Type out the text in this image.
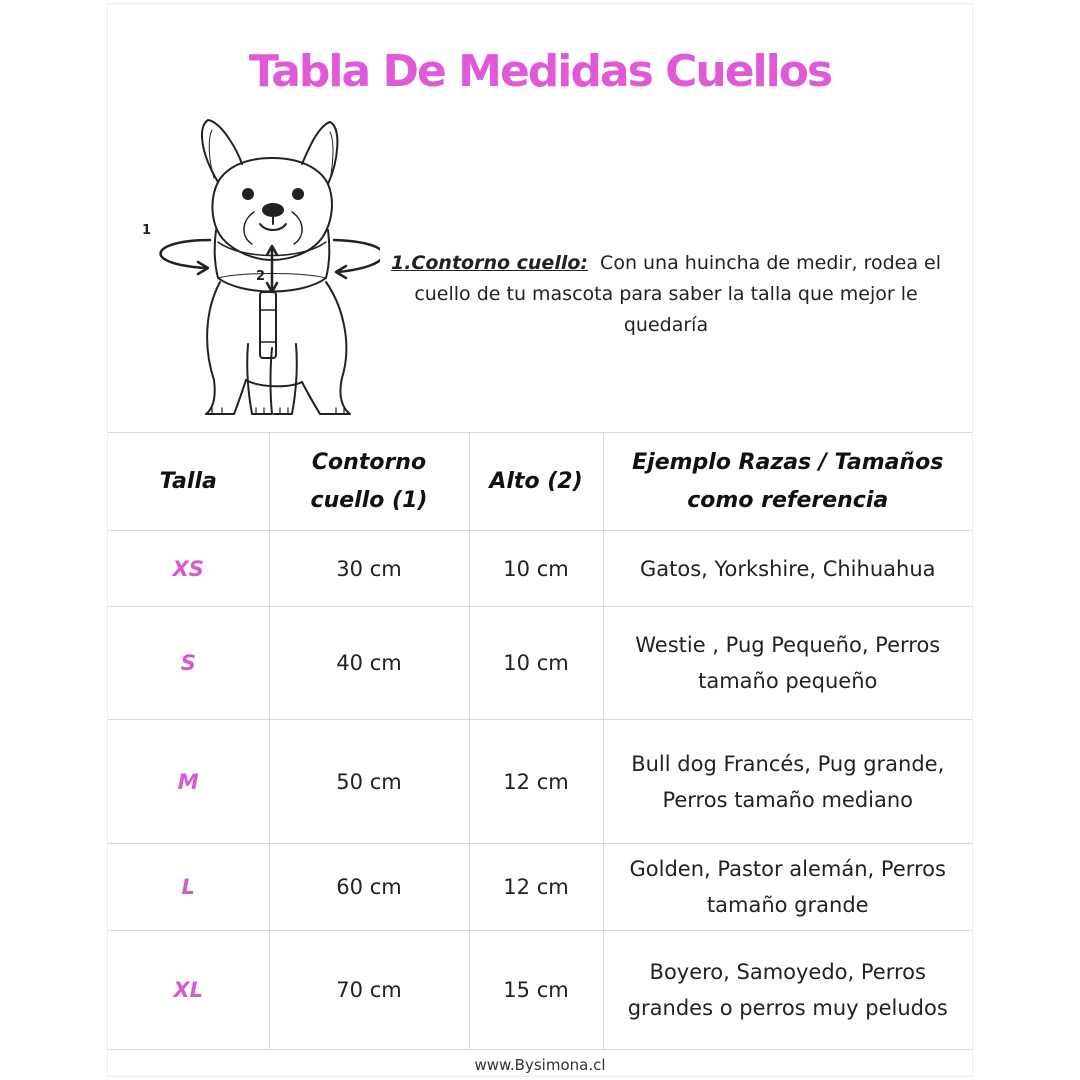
Tabla De Medidas Cuellos
1
2
1.Contorno cuello: Con una huincha de medir, rodea el cuello de tu mascota para saber la talla que mejor le quedaría
Talla	Contorno cuello (1)	Alto (2)	Ejemplo Razas / Tamaños como referencia
XS	30 cm	10 cm	Gatos, Yorkshire, Chihuahua
S	40 cm	10 cm	Westie , Pug Pequeño, Perros tamaño pequeño
M	50 cm	12 cm	Bull dog Francés, Pug grande, Perros tamaño mediano
L	60 cm	12 cm	Golden, Pastor alemán, Perros tamaño grande
XL	70 cm	15 cm	Boyero, Samoyedo, Perros grandes o perros muy peludos
www.Bysimona.cl
